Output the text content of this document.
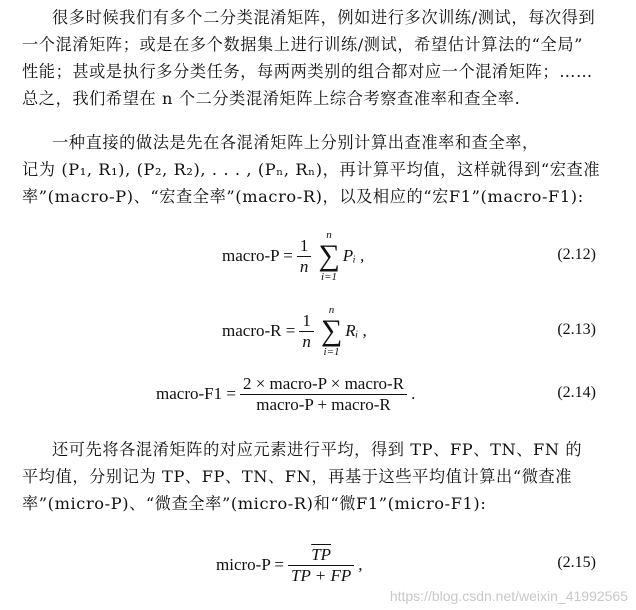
很多时候我们有多个二分类混淆矩阵，例如进行多次训练/测试，每次得到
一个混淆矩阵；或是在多个数据集上进行训练/测试，希望估计算法的“全局”
性能；甚或是执行多分类任务，每两两类别的组合都对应一个混淆矩阵；……
总之，我们希望在 n 个二分类混淆矩阵上综合考察查准率和查全率.
一种直接的做法是先在各混淆矩阵上分别计算出查准率和查全率，
记为 (P₁, R₁), (P₂, R₂), . . . , (Pₙ, Rₙ)，再计算平均值，这样就得到“宏查准
率”(macro-P)、“宏查全率”(macro-R)，以及相应的“宏F1”(macro-F1):
macro-P = $\frac{1}{n}$
n
∑
i=1
Pᵢ ,	(2.12)
macro-R = $\frac{1}{n}$
n
∑
i=1
Rᵢ ,	(2.13)
macro-F1 = $\frac{\text{2 × macro-P × macro-R}}{\text{macro-P + macro-R}}$ .	(2.14)
还可先将各混淆矩阵的对应元素进行平均，得到 TP、FP、TN、FN 的
平均值，分别记为 TP、FP、TN、FN，再基于这些平均值计算出“微查准
率”(micro-P)、“微查全率”(micro-R)和“微F1”(micro-F1):
micro-P = $\frac{\overline{TP}}{TP + FP}$ ,	(2.15)
https://blog.csdn.net/weixin_41992565
